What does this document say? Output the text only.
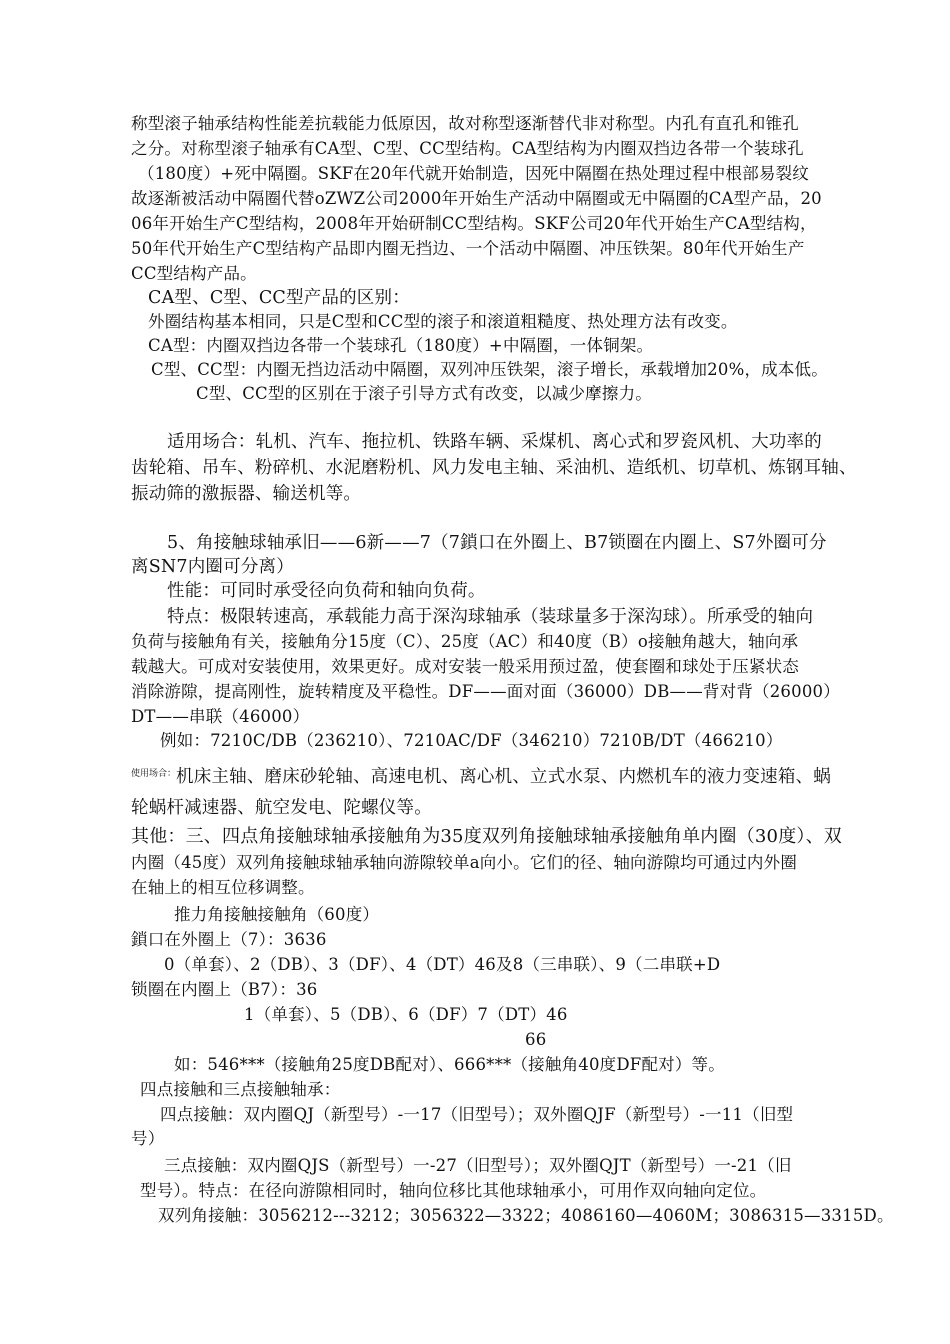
称型滚子轴承结构性能差抗载能力低原因，故对称型逐渐替代非对称型。内孔有直孔和锥孔
之分。对称型滚子轴承有CA型、C型、CC型结构。CA型结构为内圈双挡边各带一个装球孔
（180度）+死中隔圈。SKF在20年代就开始制造，因死中隔圈在热处理过程中根部易裂纹
故逐渐被活动中隔圈代替oZWZ公司2000年开始生产活动中隔圈或无中隔圈的CA型产品，20
06年开始生产C型结构，2008年开始研制CC型结构。SKF公司20年代开始生产CA型结构，
50年代开始生产C型结构产品即内圈无挡边、一个活动中隔圈、冲压铁架。80年代开始生产
CC型结构产品。
CA型、C型、CC型产品的区别：
外圈结构基本相同，只是C型和CC型的滚子和滚道粗糙度、热处理方法有改变。
CA型：内圈双挡边各带一个装球孔（180度）+中隔圈，一体铜架。
C型、CC型：内圈无挡边活动中隔圈，双列冲压铁架，滚子增长，承载增加20%，成本低。
C型、CC型的区别在于滚子引导方式有改变，以减少摩擦力。
适用场合：轧机、汽车、拖拉机、铁路车辆、采煤机、离心式和罗瓷风机、大功率的
齿轮箱、吊车、粉碎机、水泥磨粉机、风力发电主轴、采油机、造纸机、切草机、炼钢耳轴、
振动筛的激振器、输送机等。
5、角接触球轴承旧——6新——7（7鎖口在外圈上、B7锁圈在内圈上、S7外圈可分
离SN7内圈可分离）
性能：可同时承受径向负荷和轴向负荷。
特点：极限转速高，承载能力高于深沟球轴承（装球量多于深沟球）。所承受的轴向
负荷与接触角有关，接触角分15度（C）、25度（AC）和40度（B）o接触角越大，轴向承
载越大。可成对安装使用，效果更好。成对安装一般采用预过盈，使套圈和球处于压紧状态
消除游隙，提高刚性，旋转精度及平稳性。DF——面对面（36000）DB——背对背（26000）
DT——串联（46000）
例如：7210C/DB（236210）、7210AC/DF（346210）7210B/DT（466210）
$^{使用场合:}$机床主轴、磨床砂轮轴、高速电机、离心机、立式水泵、内燃机车的液力变速箱、蜗
轮蜗杆减速器、航空发电、陀螺仪等。
其他：三、四点角接触球轴承接触角为35度双列角接触球轴承接触角单内圈（30度）、双
内圈（45度）双列角接触球轴承轴向游隙较单a向小。它们的径、轴向游隙均可通过内外圈
在轴上的相互位移调整。
推力角接触接触角（60度）
鎖口在外圈上（7）：3636
0（单套）、2（DB）、3（DF）、4（DT）46及8（三串联）、9（二串联+D
锁圈在内圈上（B7）：36
1（单套）、5（DB）、6（DF）7（DT）46
66
如：546***（接触角25度DB配对）、666***（接触角40度DF配对）等。
四点接触和三点接触轴承：
四点接触：双内圈QJ（新型号）-一17（旧型号）；双外圈QJF（新型号）-一11（旧型
号）
三点接触：双内圈QJS（新型号）一-27（旧型号）；双外圈QJT（新型号）一-21（旧
型号）。特点：在径向游隙相同时，轴向位移比其他球轴承小，可用作双向轴向定位。
双列角接触：3056212---3212；3056322—3322；4086160—4060M；3086315—3315D。
